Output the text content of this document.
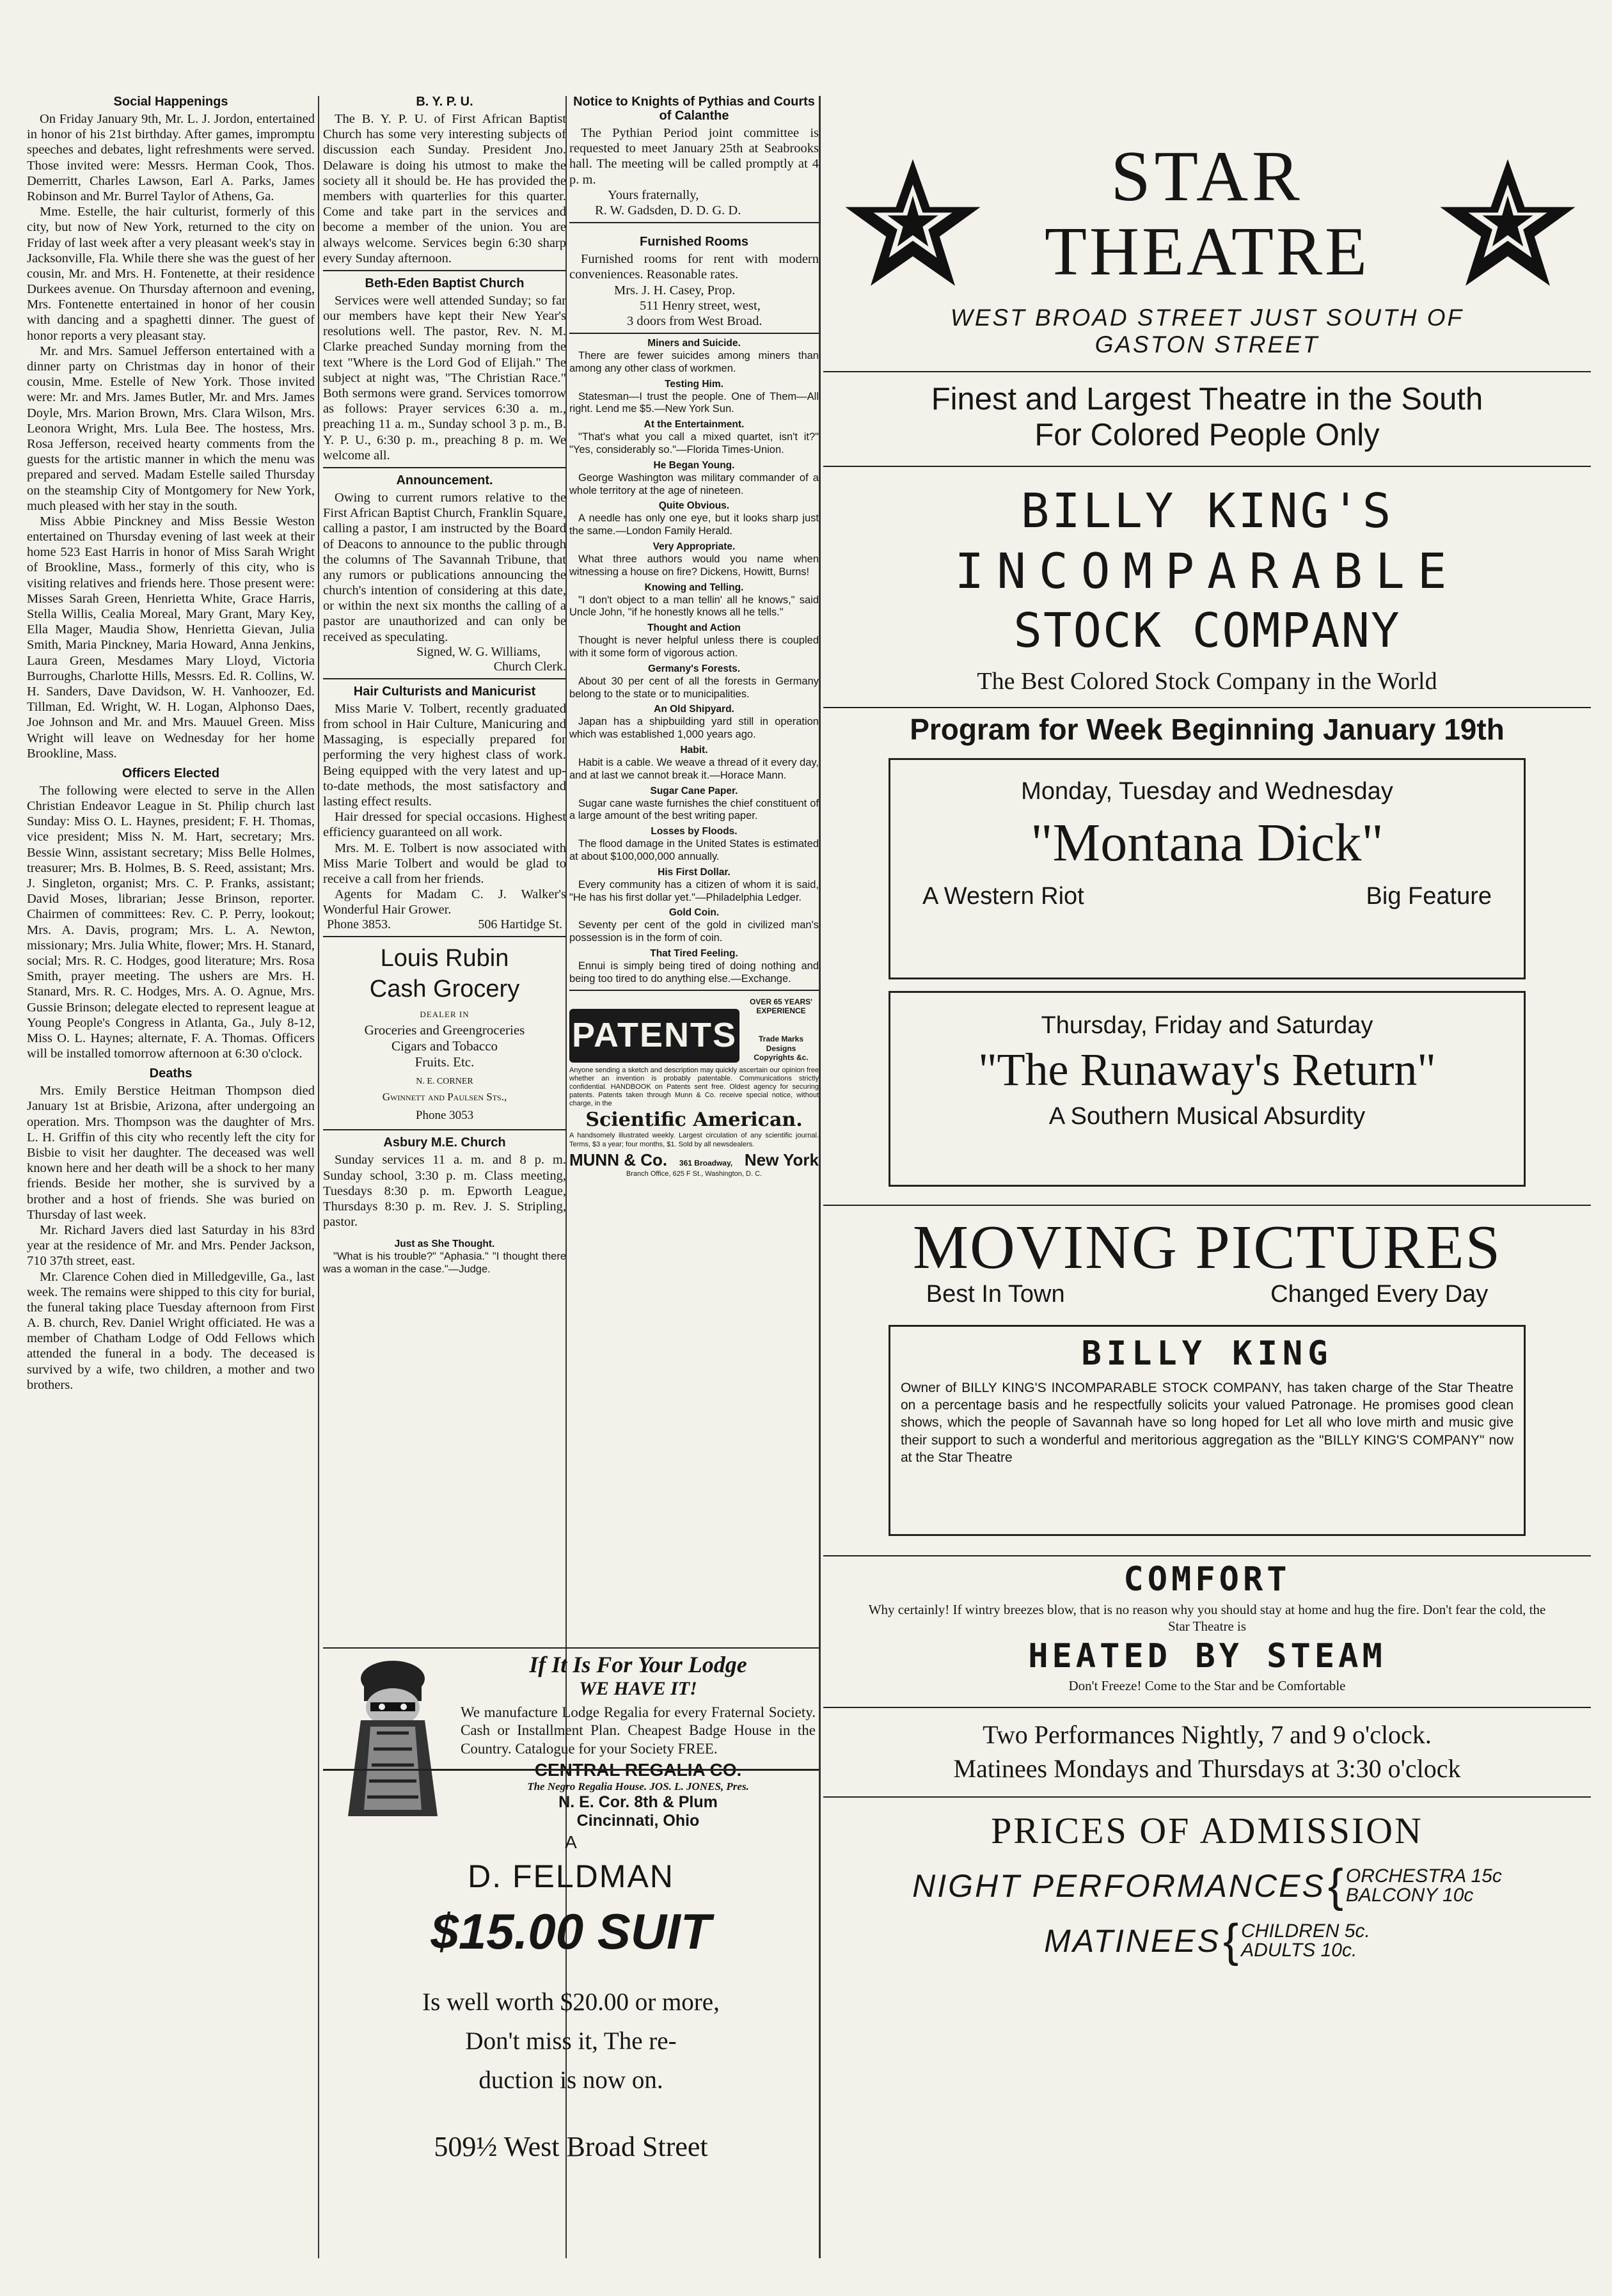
Social Happenings

On Friday January 9th, Mr. L. J. Jordon, entertained in honor of his 21st birthday. After games, impromptu speeches and debates, light refreshments were served. Those invited were: Messrs. Herman Cook, Thos. Demerritt, Charles Lawson, Earl A. Parks, James Robinson and Mr. Burrel Taylor of Athens, Ga.

Mme. Estelle, the hair culturist, formerly of this city, but now of New York, returned to the city on Friday of last week after a very pleasant week's stay in Jacksonville, Fla. While there she was the guest of her cousin, Mr. and Mrs. H. Fontenette, at their residence Durkees avenue. On Thursday afternoon and evening, Mrs. Fontenette entertained in honor of her cousin with dancing and a spaghetti dinner. The guest of honor reports a very pleasant stay.

Mr. and Mrs. Samuel Jefferson entertained with a dinner party on Christmas day in honor of their cousin, Mme. Estelle of New York. Those invited were: Mr. and Mrs. James Butler, Mr. and Mrs. James Doyle, Mrs. Marion Brown, Mrs. Clara Wilson, Mrs. Leonora Wright, Mrs. Lula Bee. The hostess, Mrs. Rosa Jefferson, received hearty comments from the guests for the artistic manner in which the menu was prepared and served. Madam Estelle sailed Thursday on the steamship City of Montgomery for New York, much pleased with her stay in the south.

Miss Abbie Pinckney and Miss Bessie Weston entertained on Thursday evening of last week at their home 523 East Harris in honor of Miss Sarah Wright of Brookline, Mass., formerly of this city, who is visiting relatives and friends here. Those present were: Misses Sarah Green, Henrietta White, Grace Harris, Stella Willis, Cealia Moreal, Mary Grant, Mary Key, Ella Mager, Maudia Show, Henrietta Gievan, Julia Smith, Maria Pinckney, Maria Howard, Anna Jenkins, Laura Green, Mesdames Mary Lloyd, Victoria Burroughs, Charlotte Hills, Messrs. Ed. R. Collins, W. H. Sanders, Dave Davidson, W. H. Vanhoozer, Ed. Tillman, Ed. Wright, W. H. Logan, Alphonso Daes, Joe Johnson and Mr. and Mrs. Mauuel Green. Miss Wright will leave on Wednesday for her home Brookline, Mass.

Officers Elected

The following were elected to serve in the Allen Christian Endeavor League in St. Philip church last Sunday: Miss O. L. Haynes, president; F. H. Thomas, vice president; Miss N. M. Hart, secretary; Mrs. Bessie Winn, assistant secretary; Miss Belle Holmes, treasurer; Mrs. B. Holmes, B. S. Reed, assistant; Mrs. J. Singleton, organist; Mrs. C. P. Franks, assistant; David Moses, librarian; Jesse Brinson, reporter. Chairmen of committees: Rev. C. P. Perry, lookout; Mrs. A. Davis, program; Mrs. L. A. Newton, missionary; Mrs. Julia White, flower; Mrs. H. Stanard, social; Mrs. R. C. Hodges, good literature; Mrs. Rosa Smith, prayer meeting. The ushers are Mrs. H. Stanard, Mrs. R. C. Hodges, Mrs. A. O. Agnue, Mrs. Gussie Brinson; delegate elected to represent league at Young People's Congress in Atlanta, Ga., July 8-12, Miss O. L. Haynes; alternate, F. A. Thomas. Officers will be installed tomorrow afternoon at 6:30 o'clock.

Deaths

Mrs. Emily Berstice Heitman Thompson died January 1st at Brisbie, Arizona, after undergoing an operation. Mrs. Thompson was the daughter of Mrs. L. H. Griffin of this city who recently left the city for Bisbie to visit her daughter. The deceased was well known here and her death will be a shock to her many friends. Beside her mother, she is survived by a brother and a host of friends. She was buried on Thursday of last week.

Mr. Richard Javers died last Saturday in his 83rd year at the residence of Mr. and Mrs. Pender Jackson, 710 37th street, east.

Mr. Clarence Cohen died in Milledgeville, Ga., last week. The remains were shipped to this city for burial, the funeral taking place Tuesday afternoon from First A. B. church, Rev. Daniel Wright officiated. He was a member of Chatham Lodge of Odd Fellows which attended the funeral in a body. The deceased is survived by a wife, two children, a mother and two brothers.

B. Y. P. U.

The B. Y. P. U. of First African Baptist Church has some very interesting subjects of discussion each Sunday. President Jno. Delaware is doing his utmost to make the society all it should be. He has provided the members with quarterlies for this quarter. Come and take part in the services and become a member of the union. You are always welcome. Services begin 6:30 sharp every Sunday afternoon.

Beth-Eden Baptist Church

Services were well attended Sunday; so far our members have kept their New Year's resolutions well. The pastor, Rev. N. M. Clarke preached Sunday morning from the text "Where is the Lord God of Elijah." The subject at night was, "The Christian Race." Both sermons were grand. Services tomorrow as follows: Prayer services 6:30 a. m., preaching 11 a. m., Sunday school 3 p. m., B. Y. P. U., 6:30 p. m., preaching 8 p. m. We welcome all.

Announcement.

Owing to current rumors relative to the First African Baptist Church, Franklin Square, calling a pastor, I am instructed by the Board of Deacons to announce to the public through the columns of The Savannah Tribune, that any rumors or publications announcing the church's intention of considering at this date, or within the next six months the calling of a pastor are unauthorized and can only be received as speculating.

Signed, W. G. Williams,

Church Clerk.

Hair Culturists and Manicurist

Miss Marie V. Tolbert, recently graduated from school in Hair Culture, Manicuring and Massaging, is especially prepared for performing the very highest class of work. Being equipped with the very latest and up-to-date methods, the most satisfactory and lasting effect results.

Hair dressed for special occasions. Highest efficiency guaranteed on all work.

Mrs. M. E. Tolbert is now associated with Miss Marie Tolbert and would be glad to receive a call from her friends.

Agents for Madam C. J. Walker's Wonderful Hair Grower.

Phone 3853.	506 Hartidge St.
Louis Rubin
Cash Grocery
DEALER IN
Groceries and Greengroceries
Cigars and Tobacco
Fruits. Etc.
N. E. CORNER
Gwinnett and Paulsen Sts.,
Phone 3053
Asbury M.E. Church

Sunday services 11 a. m. and 8 p. m. Sunday school, 3:30 p. m. Class meeting, Tuesdays 8:30 p. m. Epworth League, Thursdays 8:30 p. m. Rev. J. S. Stripling, pastor.

Just as She Thought.

"What is his trouble?" "Aphasia." "I thought there was a woman in the case."—Judge.

Notice to Knights of Pythias and Courts of Calanthe

The Pythian Period joint committee is requested to meet January 25th at Seabrooks hall. The meeting will be called promptly at 4 p. m.

Yours fraternally,

R. W. Gadsden, D. D. G. D.

Furnished Rooms

Furnished rooms for rent with modern conveniences. Reasonable rates.

Mrs. J. H. Casey, Prop.

511 Henry street, west,

3 doors from West Broad.

Miners and Suicide.

There are fewer suicides among miners than among any other class of workmen.

Testing Him.

Statesman—I trust the people. One of Them—All right. Lend me $5.—New York Sun.

At the Entertainment.

"That's what you call a mixed quartet, isn't it?" "Yes, considerably so."—Florida Times-Union.

He Began Young.

George Washington was military commander of a whole territory at the age of nineteen.

Quite Obvious.

A needle has only one eye, but it looks sharp just the same.—London Family Herald.

Very Appropriate.

What three authors would you name when witnessing a house on fire? Dickens, Howitt, Burns!

Knowing and Telling.

"I don't object to a man tellin' all he knows," said Uncle John, "if he honestly knows all he tells."

Thought and Action

Thought is never helpful unless there is coupled with it some form of vigorous action.

Germany's Forests.

About 30 per cent of all the forests in Germany belong to the state or to municipalities.

An Old Shipyard.

Japan has a shipbuilding yard still in operation which was established 1,000 years ago.

Habit.

Habit is a cable. We weave a thread of it every day, and at last we cannot break it.—Horace Mann.

Sugar Cane Paper.

Sugar cane waste furnishes the chief constituent of a large amount of the best writing paper.

Losses by Floods.

The flood damage in the United States is estimated at about $100,000,000 annually.

His First Dollar.

Every community has a citizen of whom it is said, "He has his first dollar yet."—Philadelphia Ledger.

Gold Coin.

Seventy per cent of the gold in civilized man's possession is in the form of coin.

That Tired Feeling.

Ennui is simply being tired of doing nothing and being too tired to do anything else.—Exchange.

PATENTS
OVER 65 YEARS'
EXPERIENCE
Trade Marks
Designs
Copyrights &c.

Anyone sending a sketch and description may quickly ascertain our opinion free whether an invention is probably patentable. Communications strictly confidential. HANDBOOK on Patents sent free. Oldest agency for securing patents. Patents taken through Munn & Co. receive special notice, without charge, in the

Scientific American.

A handsomely illustrated weekly. Largest circulation of any scientific journal. Terms, $3 a year; four months, $1. Sold by all newsdealers.

MUNN & Co. 361 Broadway, New York
Branch Office, 625 F St., Washington, D. C.
If It Is For Your Lodge
WE HAVE IT!

We manufacture Lodge Regalia for every Fraternal Society. Cash or Installment Plan. Cheapest Badge House in the Country. Catalogue for your Society FREE.

CENTRAL REGALIA CO.
The Negro Regalia House. JOS. L. JONES, Pres.
N. E. Cor. 8th & Plum
Cincinnati, Ohio
A
D. FELDMAN
$15.00 SUIT
Is well worth $20.00 or more,
Don't miss it, The re-
duction is now on.
509½ West Broad Street
STAR
THEATRE
WEST BROAD STREET JUST SOUTH OF
GASTON STREET
Finest and Largest Theatre in the South
For Colored People Only
BILLY KING'S
INCOMPARABLE
STOCK COMPANY
The Best Colored Stock Company in the World
Program for Week Beginning January 19th
Monday, Tuesday and Wednesday
"Montana Dick"
A Western Riot	Big Feature
Thursday, Friday and Saturday
"The Runaway's Return"
A Southern Musical Absurdity
MOVING PICTURES
Best In Town	Changed Every Day
BILLY KING

Owner of BILLY KING'S INCOMPARABLE STOCK COMPANY, has taken charge of the Star Theatre on a percentage basis and he respectfully solicits your valued Patronage. He promises good clean shows, which the people of Savannah have so long hoped for Let all who love mirth and music give their support to such a wonderful and meritorious aggregation as the "BILLY KING'S COMPANY" now at the Star Theatre

COMFORT

Why certainly! If wintry breezes blow, that is no reason why you should stay at home and hug the fire. Don't fear the cold, the Star Theatre is

HEATED BY STEAM
Don't Freeze! Come to the Star and be Comfortable
Two Performances Nightly, 7 and 9 o'clock.
Matinees Mondays and Thursdays at 3:30 o'clock
PRICES OF ADMISSION
NIGHT PERFORMANCES { ORCHESTRA 15c
BALCONY 10c
MATINEES { CHILDREN 5c.
ADULTS 10c.
